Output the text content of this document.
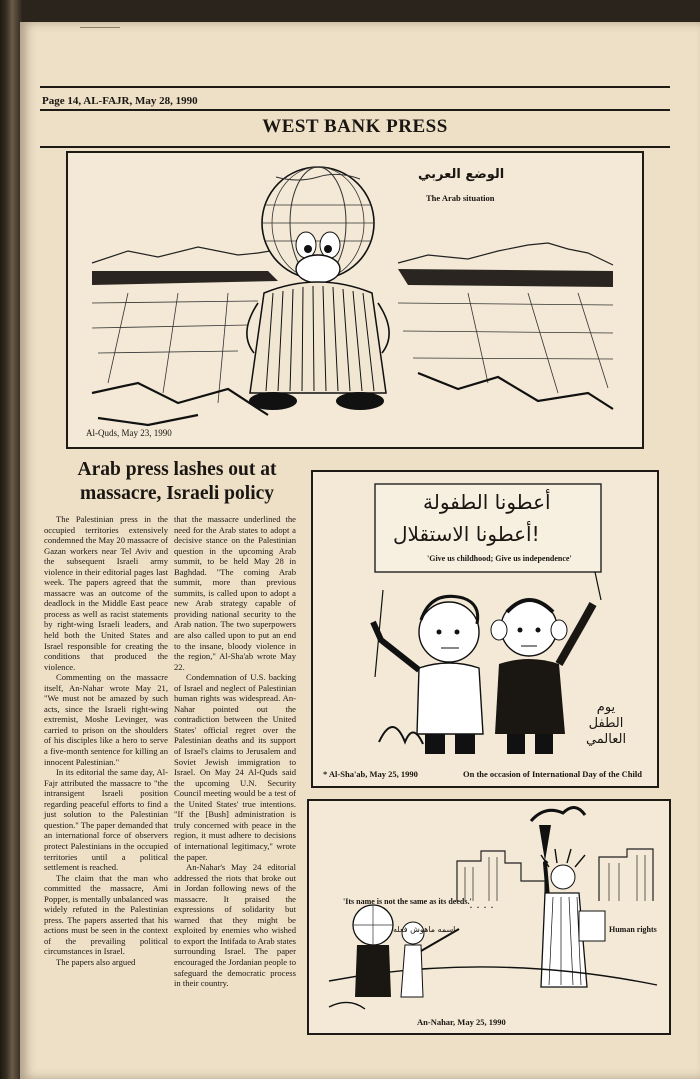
Page 14, AL-FAJR, May 28, 1990
WEST BANK PRESS
الوضع العربي
The Arab situation
Al-Quds, May 23, 1990
Arab press lashes out at massacre, Israeli policy

The Palestinian press in the occupied territories extensively condemned the May 20 massacre of Gazan workers near Tel Aviv and the subsequent Israeli army violence in their editorial pages last week. The papers agreed that the massacre was an outcome of the deadlock in the Middle East peace process as well as racist statements by right-wing Israeli leaders, and held both the United States and Israel responsible for creating the conditions that produced the violence.

Commenting on the massacre itself, An-Nahar wrote May 21, "We must not be amazed by such acts, since the Israeli right-wing extremist, Moshe Levinger, was carried to prison on the shoulders of his disciples like a hero to serve a five-month sentence for killing an innocent Palestinian."

In its editorial the same day, Al-Fajr attributed the massacre to "the intransigent Israeli position regarding peaceful efforts to find a just solution to the Palestinian question." The paper demanded that an international force of observers protect Palestinians in the occupied territories until a political settlement is reached.

The claim that the man who committed the massacre, Ami Popper, is mentally unbalanced was widely refuted in the Palestinian press. The papers asserted that his actions must be seen in the context of the prevailing political circumstances in Israel.

The papers also argued

that the massacre underlined the need for the Arab states to adopt a decisive stance on the Palestinian question in the upcoming Arab summit, to be held May 28 in Baghdad. "The coming Arab summit, more than previous summits, is called upon to adopt a new Arab strategy capable of providing national security to the Arab nation. The two superpowers are also called upon to put an end to the insane, bloody violence in the region," Al-Sha'ab wrote May 22.

Condemnation of U.S. backing of Israel and neglect of Palestinian human rights was widespread. An-Nahar pointed out the contradiction between the United States' official regret over the Palestinian deaths and its support of Israel's claims to Jerusalem and Soviet Jewish immigration to Israel. On May 24 Al-Quds said the upcoming U.N. Security Council meeting would be a test of the United States' true intentions. "If the [Bush] administration is truly concerned with peace in the region, it must adhere to decisions of international legitimacy," wrote the paper.

An-Nahar's May 24 editorial addressed the riots that broke out in Jordan following news of the massacre. It praised the expressions of solidarity but warned that they might be exploited by enemies who wished to export the Intifada to Arab states surrounding Israel. The paper encouraged the Jordanian people to safeguard the democratic process in their country.

أعطونا الطفولة
أعطونا الاستقلال!
'Give us childhood; Give us independence'
يوم الطفل العالمي
* Al-Sha'ab, May 25, 1990	On the occasion of International Day of the Child
· · · ·
'Its name is not the same as its deeds.'
اسمه ماهوش فعله	Human rights
An-Nahar, May 25, 1990
